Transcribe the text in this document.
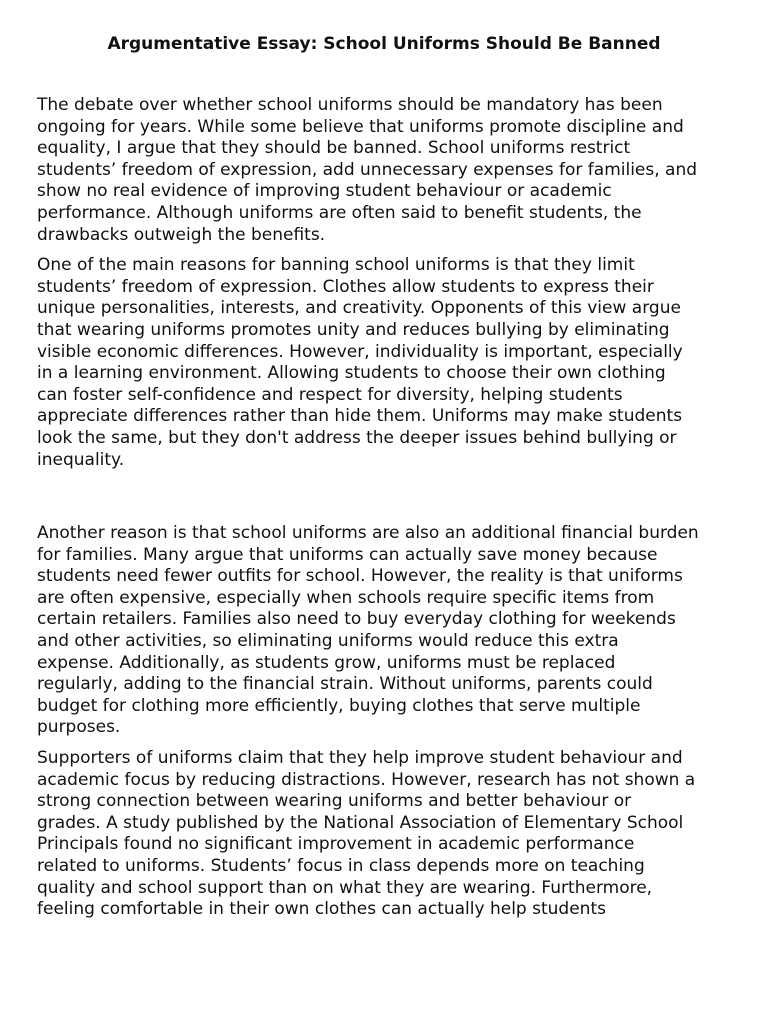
Argumentative Essay: School Uniforms Should Be Banned

The debate over whether school uniforms should be mandatory has been
ongoing for years. While some believe that uniforms promote discipline and
equality, I argue that they should be banned. School uniforms restrict
students’ freedom of expression, add unnecessary expenses for families, and
show no real evidence of improving student behaviour or academic
performance. Although uniforms are often said to benefit students, the
drawbacks outweigh the benefits.

One of the main reasons for banning school uniforms is that they limit
students’ freedom of expression. Clothes allow students to express their
unique personalities, interests, and creativity. Opponents of this view argue
that wearing uniforms promotes unity and reduces bullying by eliminating
visible economic differences. However, individuality is important, especially
in a learning environment. Allowing students to choose their own clothing
can foster self-confidence and respect for diversity, helping students
appreciate differences rather than hide them. Uniforms may make students
look the same, but they don't address the deeper issues behind bullying or
inequality.

Another reason is that school uniforms are also an additional financial burden
for families. Many argue that uniforms can actually save money because
students need fewer outfits for school. However, the reality is that uniforms
are often expensive, especially when schools require specific items from
certain retailers. Families also need to buy everyday clothing for weekends
and other activities, so eliminating uniforms would reduce this extra
expense. Additionally, as students grow, uniforms must be replaced
regularly, adding to the financial strain. Without uniforms, parents could
budget for clothing more efficiently, buying clothes that serve multiple
purposes.

Supporters of uniforms claim that they help improve student behaviour and
academic focus by reducing distractions. However, research has not shown a
strong connection between wearing uniforms and better behaviour or
grades. A study published by the National Association of Elementary School
Principals found no significant improvement in academic performance
related to uniforms. Students’ focus in class depends more on teaching
quality and school support than on what they are wearing. Furthermore,
feeling comfortable in their own clothes can actually help students
